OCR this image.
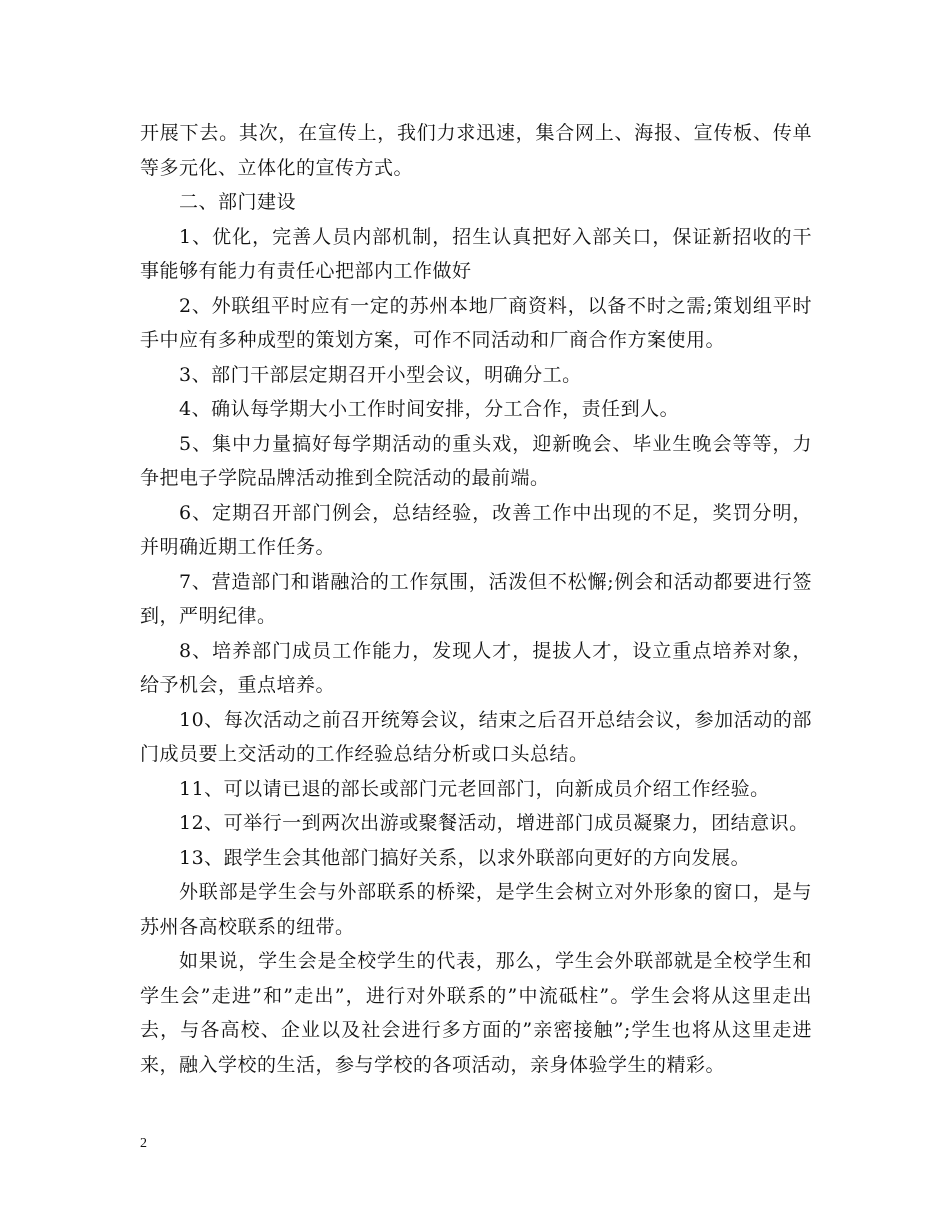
开展下去。其次，在宣传上，我们力求迅速，集合网上、海报、宣传板、传单等多元化、立体化的宣传方式。

二、部门建设

1、优化，完善人员内部机制，招生认真把好入部关口，保证新招收的干事能够有能力有责任心把部内工作做好

2、外联组平时应有一定的苏州本地厂商资料，以备不时之需;策划组平时手中应有多种成型的策划方案，可作不同活动和厂商合作方案使用。

3、部门干部层定期召开小型会议，明确分工。

4、确认每学期大小工作时间安排，分工合作，责任到人。

5、集中力量搞好每学期活动的重头戏，迎新晚会、毕业生晚会等等，力争把电子学院品牌活动推到全院活动的最前端。

6、定期召开部门例会，总结经验，改善工作中出现的不足，奖罚分明，并明确近期工作任务。

7、营造部门和谐融洽的工作氛围，活泼但不松懈;例会和活动都要进行签到，严明纪律。

8、培养部门成员工作能力，发现人才，提拔人才，设立重点培养对象，给予机会，重点培养。

10、每次活动之前召开统筹会议，结束之后召开总结会议，参加活动的部门成员要上交活动的工作经验总结分析或口头总结。

11、可以请已退的部长或部门元老回部门，向新成员介绍工作经验。

12、可举行一到两次出游或聚餐活动，增进部门成员凝聚力，团结意识。

13、跟学生会其他部门搞好关系，以求外联部向更好的方向发展。

外联部是学生会与外部联系的桥梁，是学生会树立对外形象的窗口，是与苏州各高校联系的纽带。

如果说，学生会是全校学生的代表，那么，学生会外联部就是全校学生和学生会”走进”和”走出”，进行对外联系的”中流砥柱”。学生会将从这里走出去，与各高校、企业以及社会进行多方面的”亲密接触”;学生也将从这里走进来，融入学校的生活，参与学校的各项活动，亲身体验学生的精彩。

2
